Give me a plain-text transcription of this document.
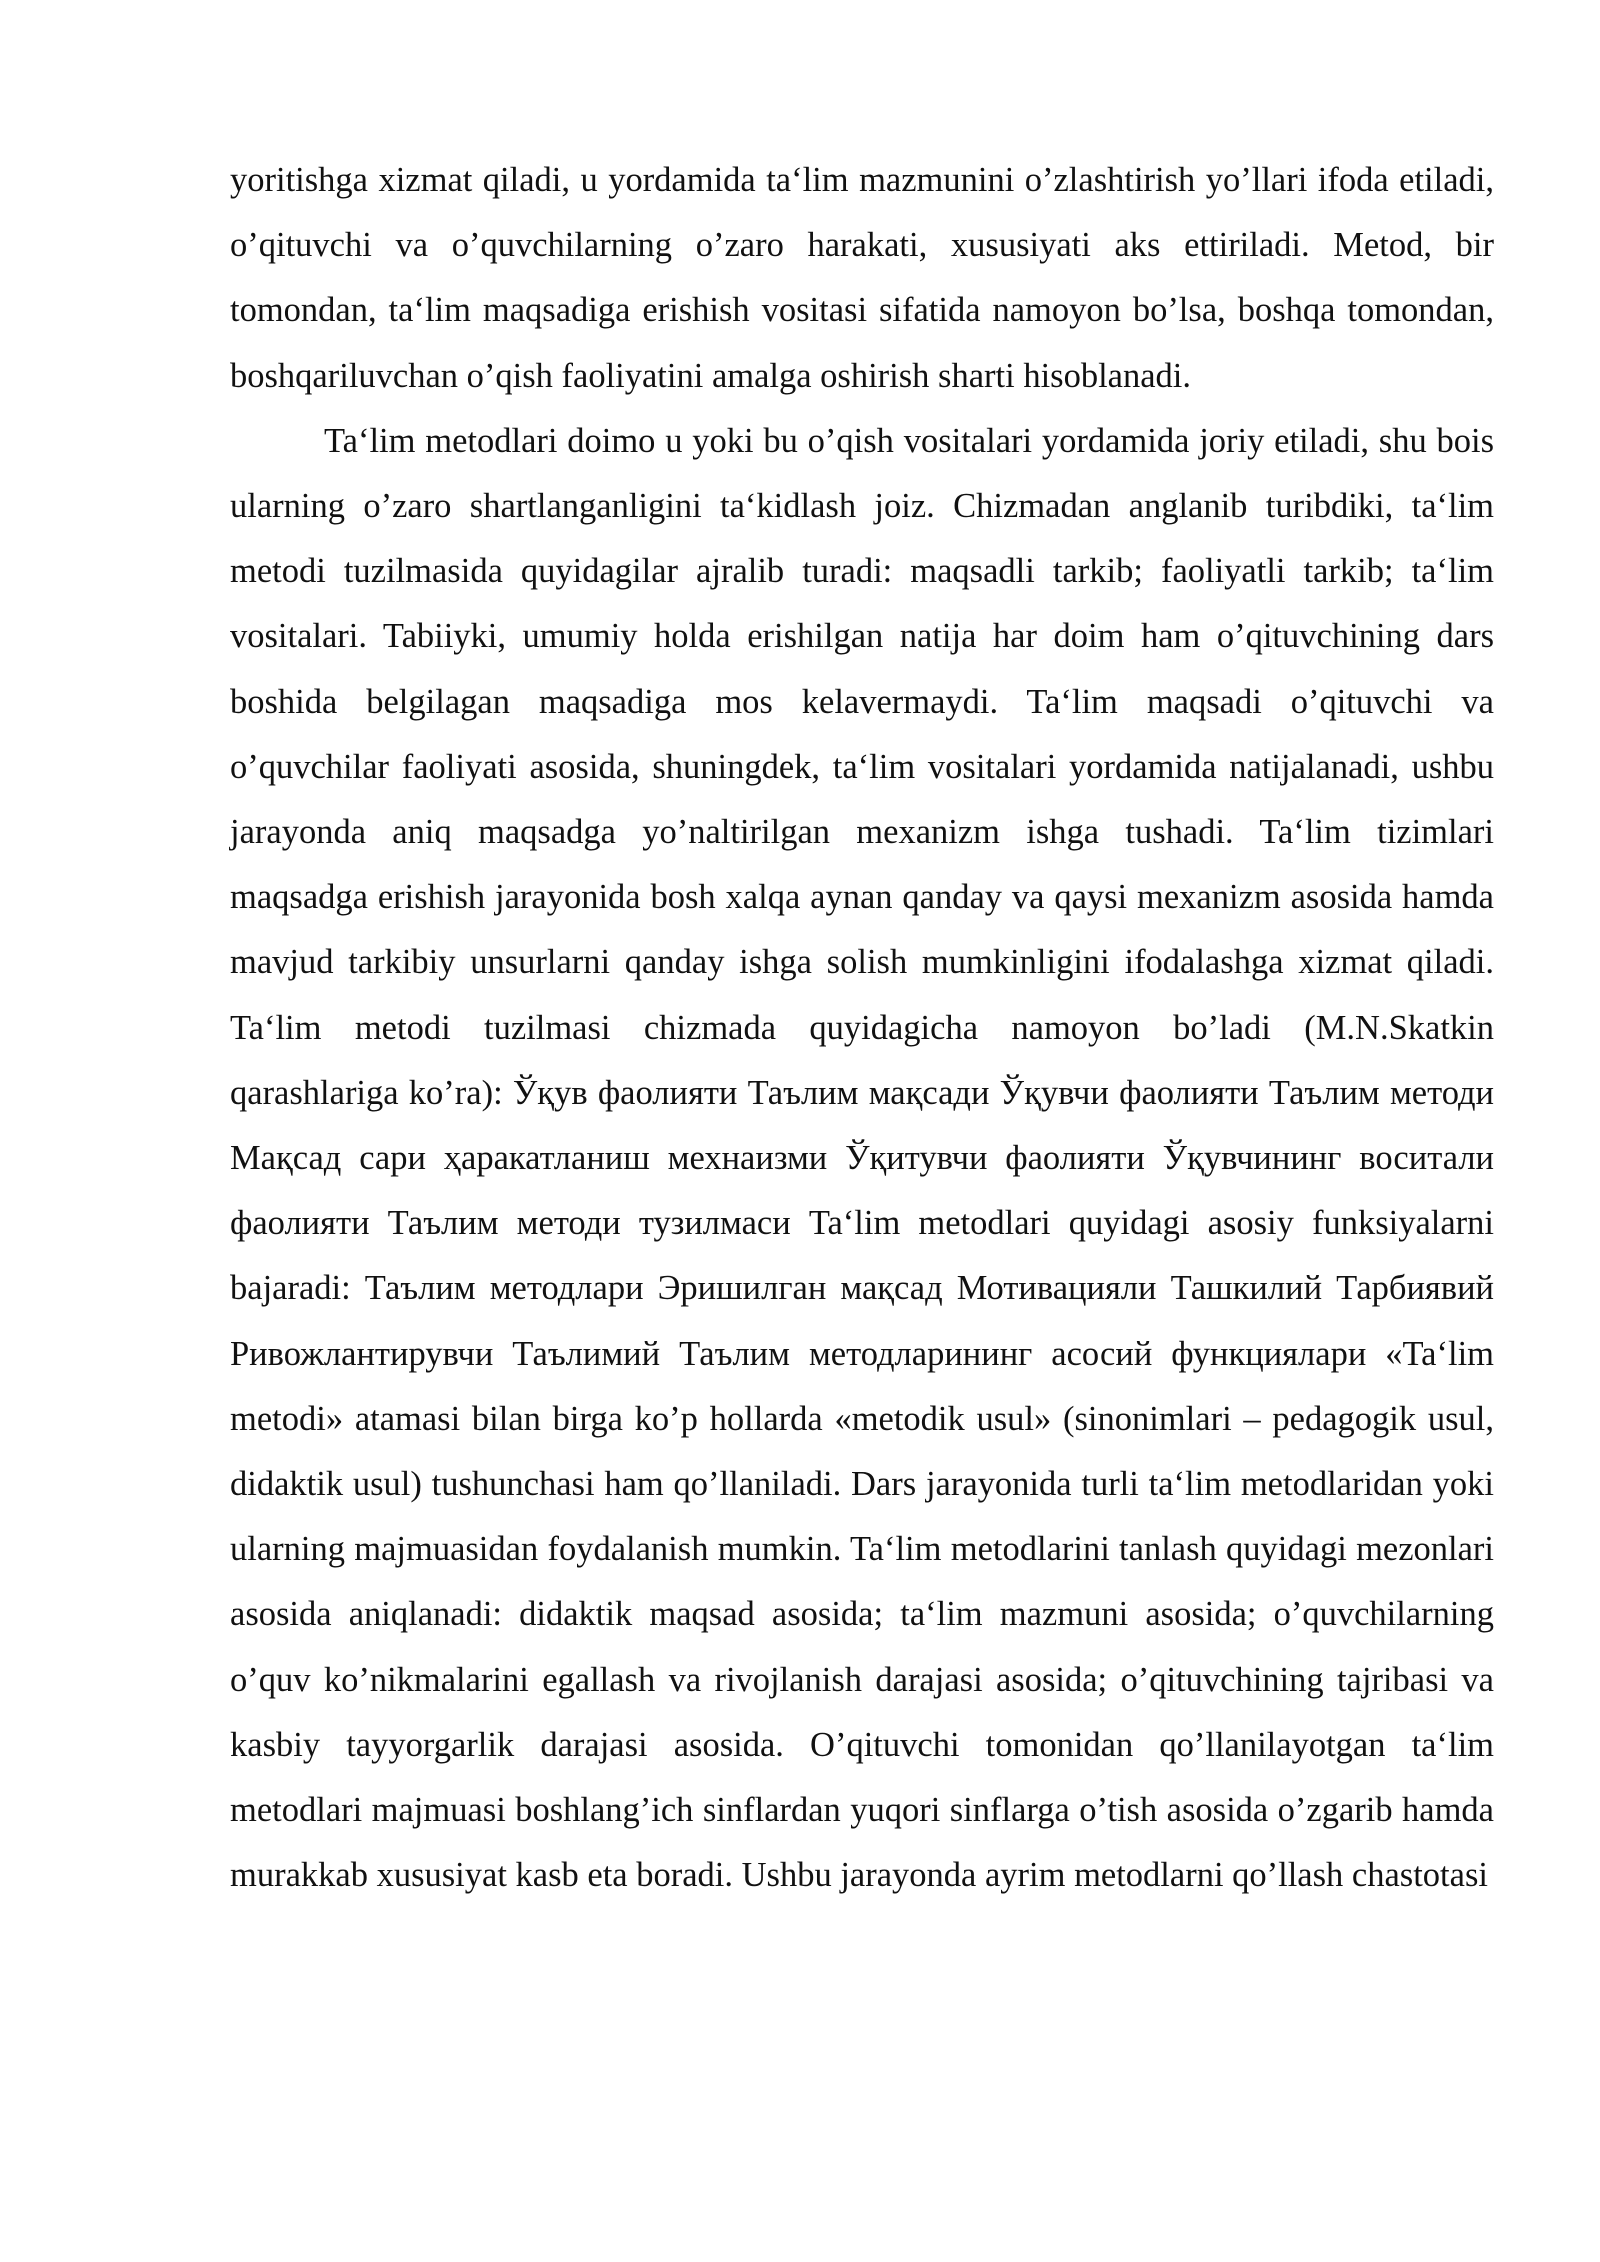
yoritishga xizmat qiladi, u yordamida ta‘lim mazmunini o’zlashtirish yo’llari ifoda etiladi, o’qituvchi va o’quvchilarning o’zaro harakati, xususiyati aks ettiriladi. Metod, bir tomondan, ta‘lim maqsadiga erishish vositasi sifatida namoyon bo’lsa, boshqa tomondan, boshqariluvchan o’qish faoliyatini amalga oshirish sharti hisoblanadi.

Ta‘lim metodlari doimo u yoki bu o’qish vositalari yordamida joriy etiladi, shu bois ularning o’zaro shartlanganligini ta‘kidlash joiz. Chizmadan anglanib turibdiki, ta‘lim metodi tuzilmasida quyidagilar ajralib turadi: maqsadli tarkib; faoliyatli tarkib; ta‘lim vositalari. Tabiiyki, umumiy holda erishilgan natija har doim ham o’qituvchining dars boshida belgilagan maqsadiga mos kelavermaydi. Ta‘lim maqsadi o’qituvchi va o’quvchilar faoliyati asosida, shuningdek, ta‘lim vositalari yordamida natijalanadi, ushbu jarayonda aniq maqsadga yo’naltirilgan mexanizm ishga tushadi. Ta‘lim tizimlari maqsadga erishish jarayonida bosh xalqa aynan qanday va qaysi mexanizm asosida hamda mavjud tarkibiy unsurlarni qanday ishga solish mumkinligini ifodalashga xizmat qiladi. Ta‘lim metodi tuzilmasi chizmada quyidagicha namoyon bo’ladi (M.N.Skatkin qarashlariga ko’ra): Ўқув фаолияти Таълим мақсади Ўқувчи фаолияти Таълим методи Мақсад сари ҳаракатланиш мехнаизми Ўқитувчи фаолияти Ўқувчининг воситали фаолияти Таълим методи тузилмаси Ta‘lim metodlari quyidagi asosiy funksiyalarni bajaradi: Таълим методлари Эришилган мақсад Мотивацияли Ташкилий Тарбиявий Ривожлантирувчи Таълимий Таълим методларининг асосий функциялари «Ta‘lim metodi» atamasi bilan birga ko’p hollarda «metodik usul» (sinonimlari – pedagogik usul, didaktik usul) tushunchasi ham qo’llaniladi. Dars jarayonida turli ta‘lim metodlaridan yoki ularning majmuasidan foydalanish mumkin. Ta‘lim metodlarini tanlash quyidagi mezonlari asosida aniqlanadi: didaktik maqsad asosida; ta‘lim mazmuni asosida; o’quvchilarning o’quv ko’nikmalarini egallash va rivojlanish darajasi asosida; o’qituvchining tajribasi va kasbiy tayyorgarlik darajasi asosida. O’qituvchi tomonidan qo’llanilayotgan ta‘lim metodlari majmuasi boshlang’ich sinflardan yuqori sinflarga o’tish asosida o’zgarib hamda murakkab xususiyat kasb eta boradi. Ushbu jarayonda ayrim metodlarni qo’llash chastotasi
